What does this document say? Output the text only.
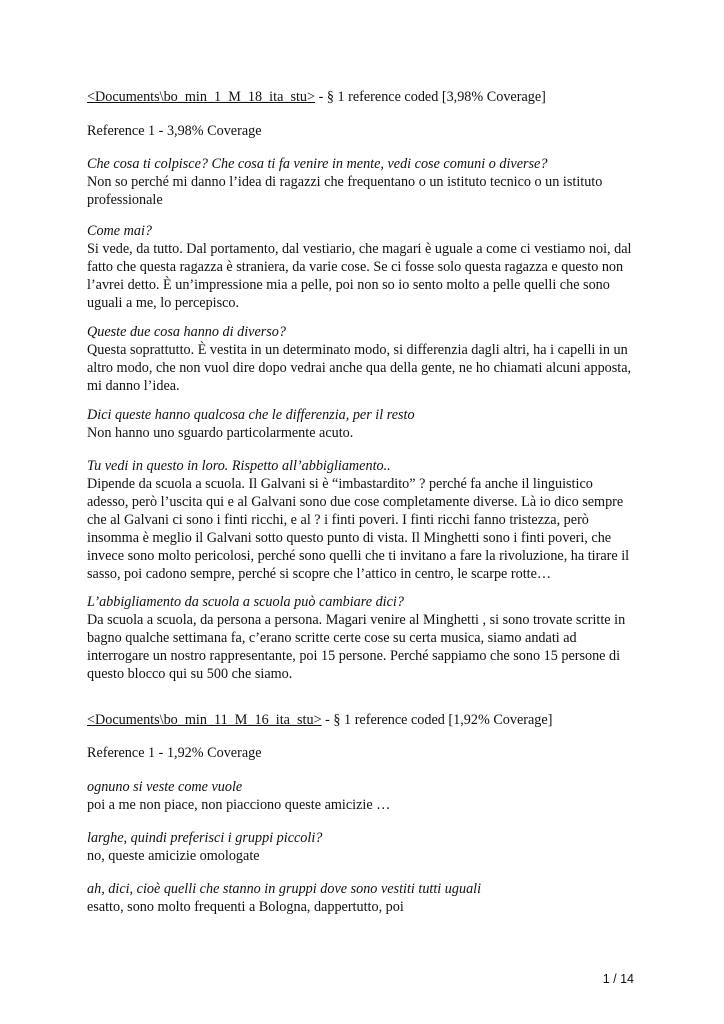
<Documents\bo_min_1_M_18_ita_stu> - § 1 reference coded [3,98% Coverage]

Reference 1 - 3,98% Coverage

Che cosa ti colpisce? Che cosa ti fa venire in mente, vedi cose comuni o diverse?
Non so perché mi danno l’idea di ragazzi che frequentano o un istituto tecnico o un istituto
professionale
Come mai?
Si vede, da tutto. Dal portamento, dal vestiario, che magari è uguale a come ci vestiamo noi, dal
fatto che questa ragazza è straniera, da varie cose. Se ci fosse solo questa ragazza e questo non
l’avrei detto. È un’impressione mia a pelle, poi non so io sento molto a pelle quelli che sono
uguali a me, lo percepisco.
Queste due cosa hanno di diverso?
Questa soprattutto. È vestita in un determinato modo, si differenzia dagli altri, ha i capelli in un
altro modo, che non vuol dire dopo vedrai anche qua della gente, ne ho chiamati alcuni apposta,
mi danno l’idea.
Dici queste hanno qualcosa che le differenzia, per il resto
Non hanno uno sguardo particolarmente acuto.
Tu vedi in questo in loro. Rispetto all’abbigliamento..
Dipende da scuola a scuola. Il Galvani si è “imbastardito” ? perché fa anche il linguistico
adesso, però l’uscita qui e al Galvani sono due cose completamente diverse. Là io dico sempre
che al Galvani ci sono i finti ricchi, e al ? i finti poveri. I finti ricchi fanno tristezza, però
insomma è meglio il Galvani sotto questo punto di vista. Il Minghetti sono i finti poveri, che
invece sono molto pericolosi, perché sono quelli che ti invitano a fare la rivoluzione, ha tirare il
sasso, poi cadono sempre, perché si scopre che l’attico in centro, le scarpe rotte…
L’abbigliamento da scuola a scuola può cambiare dici?
Da scuola a scuola, da persona a persona. Magari venire al Minghetti , si sono trovate scritte in
bagno qualche settimana fa, c’erano scritte certe cose su certa musica, siamo andati ad
interrogare un nostro rappresentante, poi 15 persone. Perché sappiamo che sono 15 persone di
questo blocco qui su 500 che siamo.

<Documents\bo_min_11_M_16_ita_stu> - § 1 reference coded [1,92% Coverage]

Reference 1 - 1,92% Coverage

ognuno si veste come vuole
poi a me non piace, non piacciono queste amicizie …
larghe, quindi preferisci i gruppi piccoli?
no, queste amicizie omologate
ah, dici, cioè quelli che stanno in gruppi dove sono vestiti tutti uguali
esatto, sono molto frequenti a Bologna, dappertutto, poi
1 / 14
